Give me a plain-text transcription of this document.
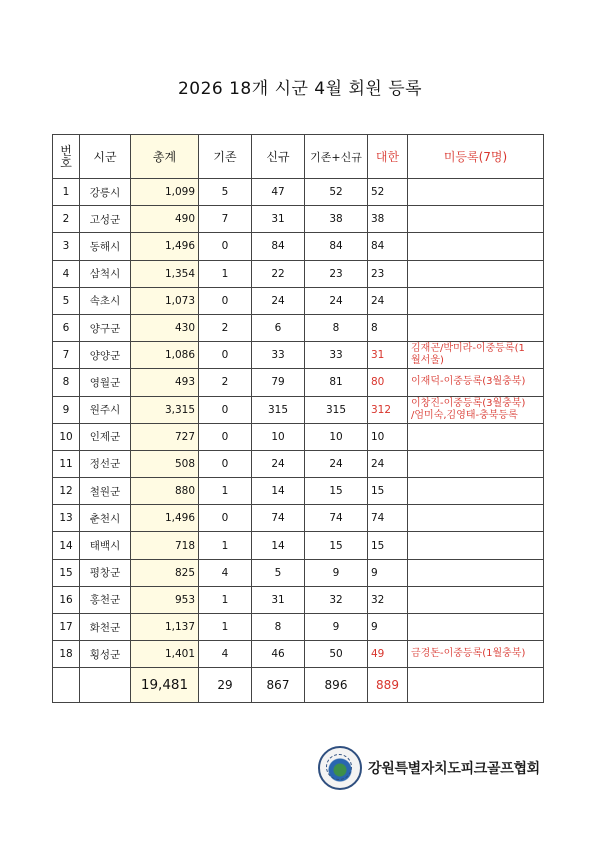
2026 18개 시군 4월 회원 등록
번호	시군	총계	기존	신규	기존+신규	대한	미등록(7명)
1	강릉시	1,099	5	47	52	52	
2	고성군	490	7	31	38	38	
3	동해시	1,496	0	84	84	84	
4	삼척시	1,354	1	22	23	23	
5	속초시	1,073	0	24	24	24	
6	양구군	430	2	6	8	8	
7	양양군	1,086	0	33	33	31	김재곤/박미라-이중등록(1
월서울)
8	영월군	493	2	79	81	80	이재덕-이중등록(3월충북)
9	원주시	3,315	0	315	315	312	이창진-이중등록(3월충북)
/엄미숙,김영태-충북등록
10	인제군	727	0	10	10	10	
11	정선군	508	0	24	24	24	
12	철원군	880	1	14	15	15	
13	춘천시	1,496	0	74	74	74	
14	태백시	718	1	14	15	15	
15	평창군	825	4	5	9	9	
16	홍천군	953	1	31	32	32	
17	화천군	1,137	1	8	9	9	
18	횡성군	1,401	4	46	50	49	금경돈-이중등록(1월충북)
		19,481	29	867	896	889	
강원특별자치도피크골프협회
